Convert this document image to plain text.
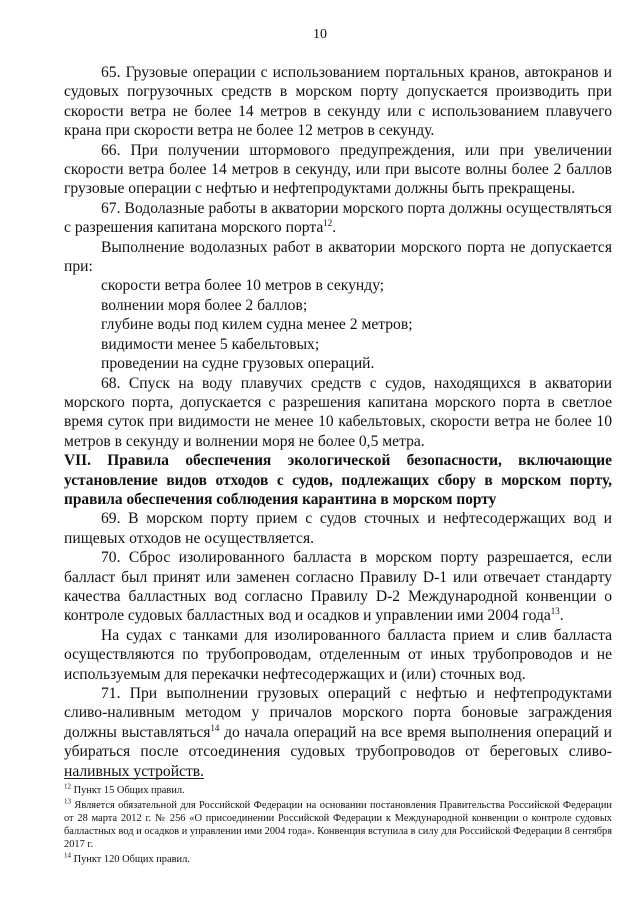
10

65. Грузовые операции с использованием портальных кранов, автокранов и судовых погрузочных средств в морском порту допускается производить при скорости ветра не более 14 метров в секунду или с использованием плавучего крана при скорости ветра не более 12 метров в секунду.

66. При получении штормового предупреждения, или при увеличении скорости ветра более 14 метров в секунду, или при высоте волны более 2 баллов грузовые операции с нефтью и нефтепродуктами должны быть прекращены.

67. Водолазные работы в акватории морского порта должны осуществляться с разрешения капитана морского порта$^{12}$.

Выполнение водолазных работ в акватории морского порта не допускается при:

скорости ветра более 10 метров в секунду;

волнении моря более 2 баллов;

глубине воды под килем судна менее 2 метров;

видимости менее 5 кабельтовых;

проведении на судне грузовых операций.

68. Спуск на воду плавучих средств с судов, находящихся в акватории морского порта, допускается с разрешения капитана морского порта в светлое время суток при видимости не менее 10 кабельтовых, скорости ветра не более 10 метров в секунду и волнении моря не более 0,5 метра.

VII. Правила обеспечения экологической безопасности, включающие установление видов отходов с судов, подлежащих сбору в морском порту, правила обеспечения соблюдения карантина в морском порту

69. В морском порту прием с судов сточных и нефтесодержащих вод и пищевых отходов не осуществляется.

70. Сброс изолированного балласта в морском порту разрешается, если балласт был принят или заменен согласно Правилу D-1 или отвечает стандарту качества балластных вод согласно Правилу D-2 Международной конвенции о контроле судовых балластных вод и осадков и управлении ими 2004 года$^{13}$.

На судах с танками для изолированного балласта прием и слив балласта осуществляются по трубопроводам, отделенным от иных трубопроводов и не используемым для перекачки нефтесодержащих и (или) сточных вод.

71. При выполнении грузовых операций с нефтью и нефтепродуктами сливо-наливным методом у причалов морского порта боновые заграждения должны выставляться$^{14}$ до начала операций на все время выполнения операций и убираться после отсоединения судовых трубопроводов от береговых сливо-наливных устройств.

$^{12}$ Пункт 15 Общих правил.

$^{13}$ Является обязательной для Российской Федерации на основании постановления Правительства Российской Федерации от 28 марта 2012 г. № 256 «О присоединении Российской Федерации к Международной конвенции о контроле судовых балластных вод и осадков и управлении ими 2004 года». Конвенция вступила в силу для Российской Федерации 8 сентября 2017 г.

$^{14}$ Пункт 120 Общих правил.
